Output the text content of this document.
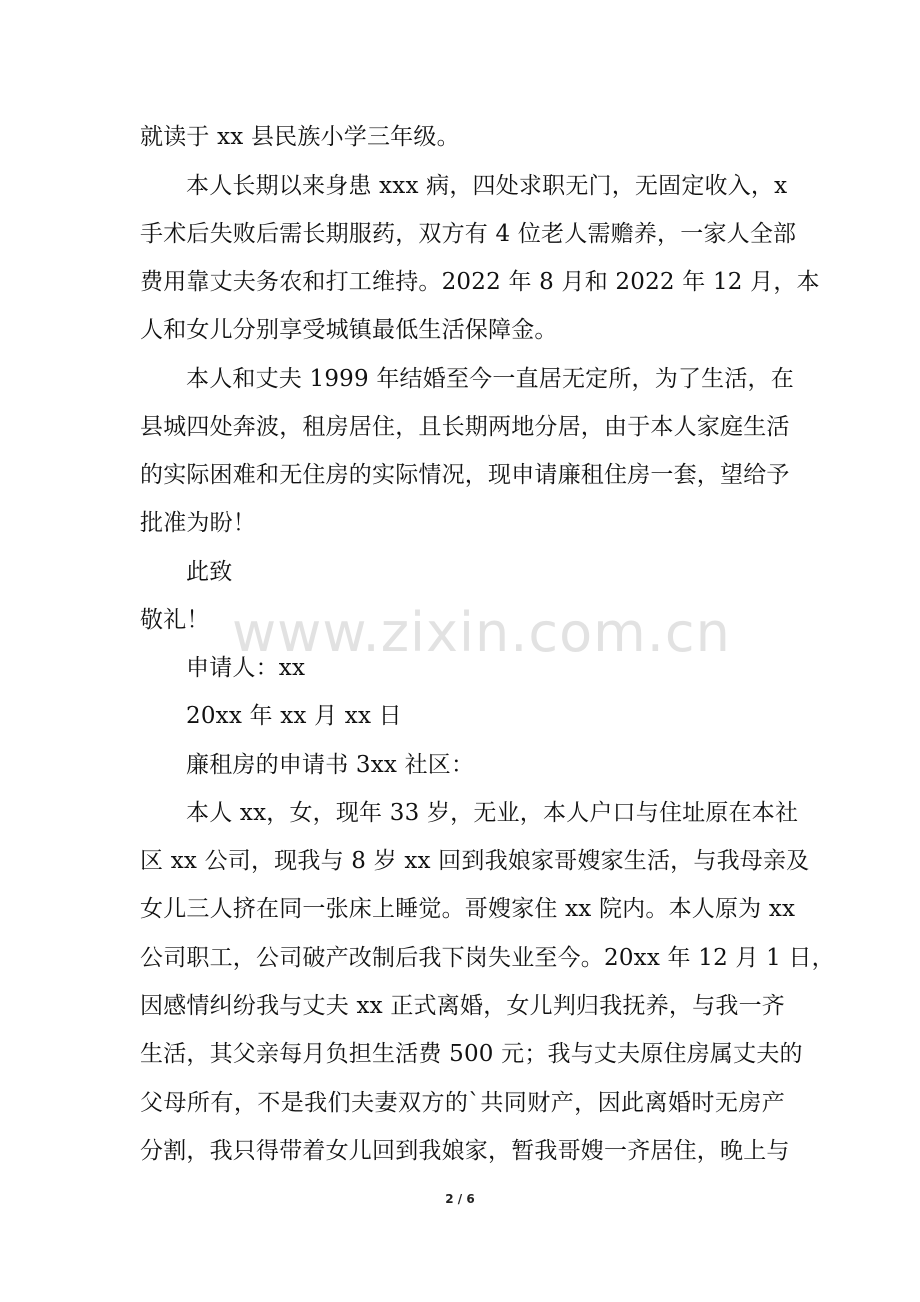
就读于 xx 县民族小学三年级。
本人长期以来身患 xxx 病，四处求职无门，无固定收入，x
手术后失败后需长期服药，双方有 4 位老人需赡养，一家人全部
费用靠丈夫务农和打工维持。2022 年 8 月和 2022 年 12 月，本
人和女儿分别享受城镇最低生活保障金。
本人和丈夫 1999 年结婚至今一直居无定所，为了生活，在
县城四处奔波，租房居住，且长期两地分居，由于本人家庭生活
的实际困难和无住房的实际情况，现申请廉租住房一套，望给予
批准为盼！
此致
敬礼！
申请人：xx
20xx 年 xx 月 xx 日
廉租房的申请书 3xx 社区：
本人 xx，女，现年 33 岁，无业，本人户口与住址原在本社
区 xx 公司，现我与 8 岁 xx 回到我娘家哥嫂家生活，与我母亲及
女儿三人挤在同一张床上睡觉。哥嫂家住 xx 院内。本人原为 xx
公司职工，公司破产改制后我下岗失业至今。20xx 年 12 月 1 日，
因感情纠纷我与丈夫 xx 正式离婚，女儿判归我抚养，与我一齐
生活，其父亲每月负担生活费 500 元；我与丈夫原住房属丈夫的
父母所有，不是我们夫妻双方的`共同财产，因此离婚时无房产
分割，我只得带着女儿回到我娘家，暂我哥嫂一齐居住，晚上与
www.zixin.com.cn
2 / 6
